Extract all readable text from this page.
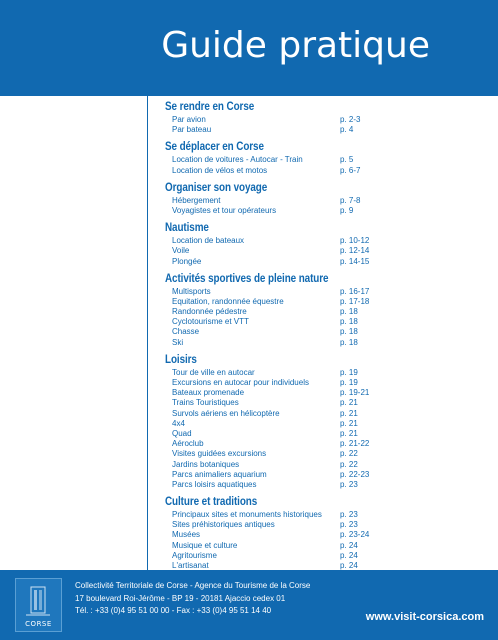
Guide pratique
Se rendre en Corse
Par avion	p. 2-3
Par bateau	p. 4
Se déplacer en Corse
Location de voitures - Autocar - Train	p. 5
Location de vélos et motos	p. 6-7
Organiser son voyage
Hébergement	p. 7-8
Voyagistes et tour opérateurs	p. 9
Nautisme
Location de bateaux	p. 10-12
Voile	p. 12-14
Plongée	p. 14-15
Activités sportives de pleine nature
Multisports	p. 16-17
Equitation, randonnée équestre	p. 17-18
Randonnée pédestre	p. 18
Cyclotourisme et VTT	p. 18
Chasse	p. 18
Ski	p. 18
Loisirs
Tour de ville en autocar	p. 19
Excursions en autocar pour individuels	p. 19
Bateaux promenade	p. 19-21
Trains Touristiques	p. 21
Survols aériens en hélicoptère	p. 21
4x4	p. 21
Quad	p. 21
Aéroclub	p. 21-22
Visites guidées excursions	p. 22
Jardins botaniques	p. 22
Parcs animaliers aquarium	p. 22-23
Parcs loisirs aquatiques	p. 23
Culture et traditions
Principaux sites et monuments historiques p. 23
Sites préhistoriques antiques	p. 23
Musées	p. 23-24
Musique et culture	p. 24
Agritourisme	p. 24
L'artisanat	p. 24
CORSE
Collectivité Territoriale de Corse - Agence du Tourisme de la Corse
17 boulevard Roi-Jérôme - BP 19 - 20181 Ajaccio cedex 01
Tél. : +33 (0)4 95 51 00 00 - Fax : +33 (0)4 95 51 14 40
www.visit-corsica.com
